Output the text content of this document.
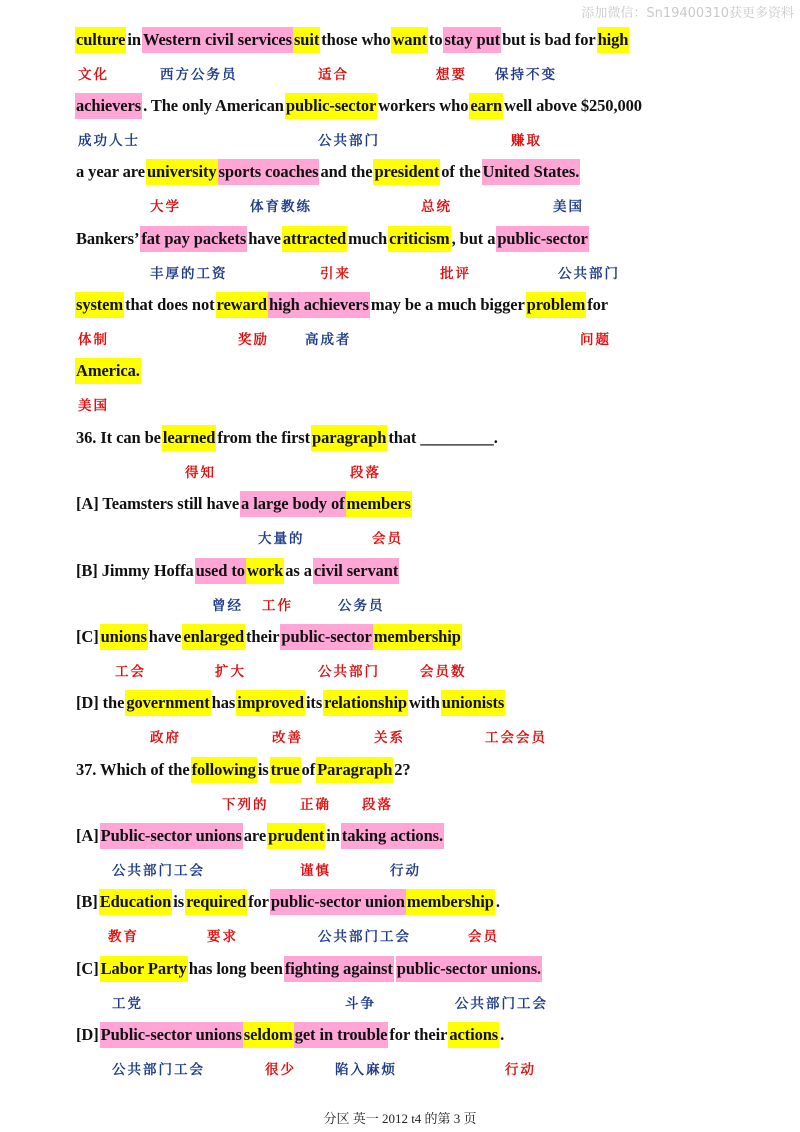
添加微信：Sn19400310获更多资料
cultureinWestern civil services suitthose whowanttostay putbut is bad forhigh
文化	西方公务员	适合	想要 保持不变
achievers . The only Americanpublic-sectorworkers whoearnwell above $250,000
成功人士	公共部门	赚取
a year areuniversitysports coachesand thepresidentof theUnited States.
大学	体育教练	总统	美国
Bankers’fat pay packetshaveattractedmuchcriticism , but apublic-sector
丰厚的工资	引来	批评	公共部门
systemthat does notreward high achieversmay be a much biggerproblemfor
体制	奖励	高成者	问题
America.
美国
36. It can belearnedfrom the firstparagraphthat _________.
得知	段落
[A] Teamsters still havea large body of members
大量的	会员
[B] Jimmy Hoffaused to workas acivil servant
曾经 工作	公务员
[C]unionshaveenlargedtheirpublic-sector membership
工会	扩大	公共部门	会员数
[D] thegovernmenthasimproveditsrelationshipwithunionists
政府	改善	关系	工会会员
37. Which of thefollowingistrueofParagraph2?
下列的 正确 段落
[A]Public-sector unionsareprudentintaking actions.
公共部门工会	谨慎	行动
[B]Educationisrequiredforpublic-sector unionmembership .
教育	要求	公共部门工会	会员
[C]Labor Partyhas long beenfighting against public-sector unions.
工党	斗争	公共部门工会
[D]Public-sector unions seldom get in troublefor theiractions .
公共部门工会	很少	陷入麻烦	行动
分区 英一 2012 t4 的第 3 页
